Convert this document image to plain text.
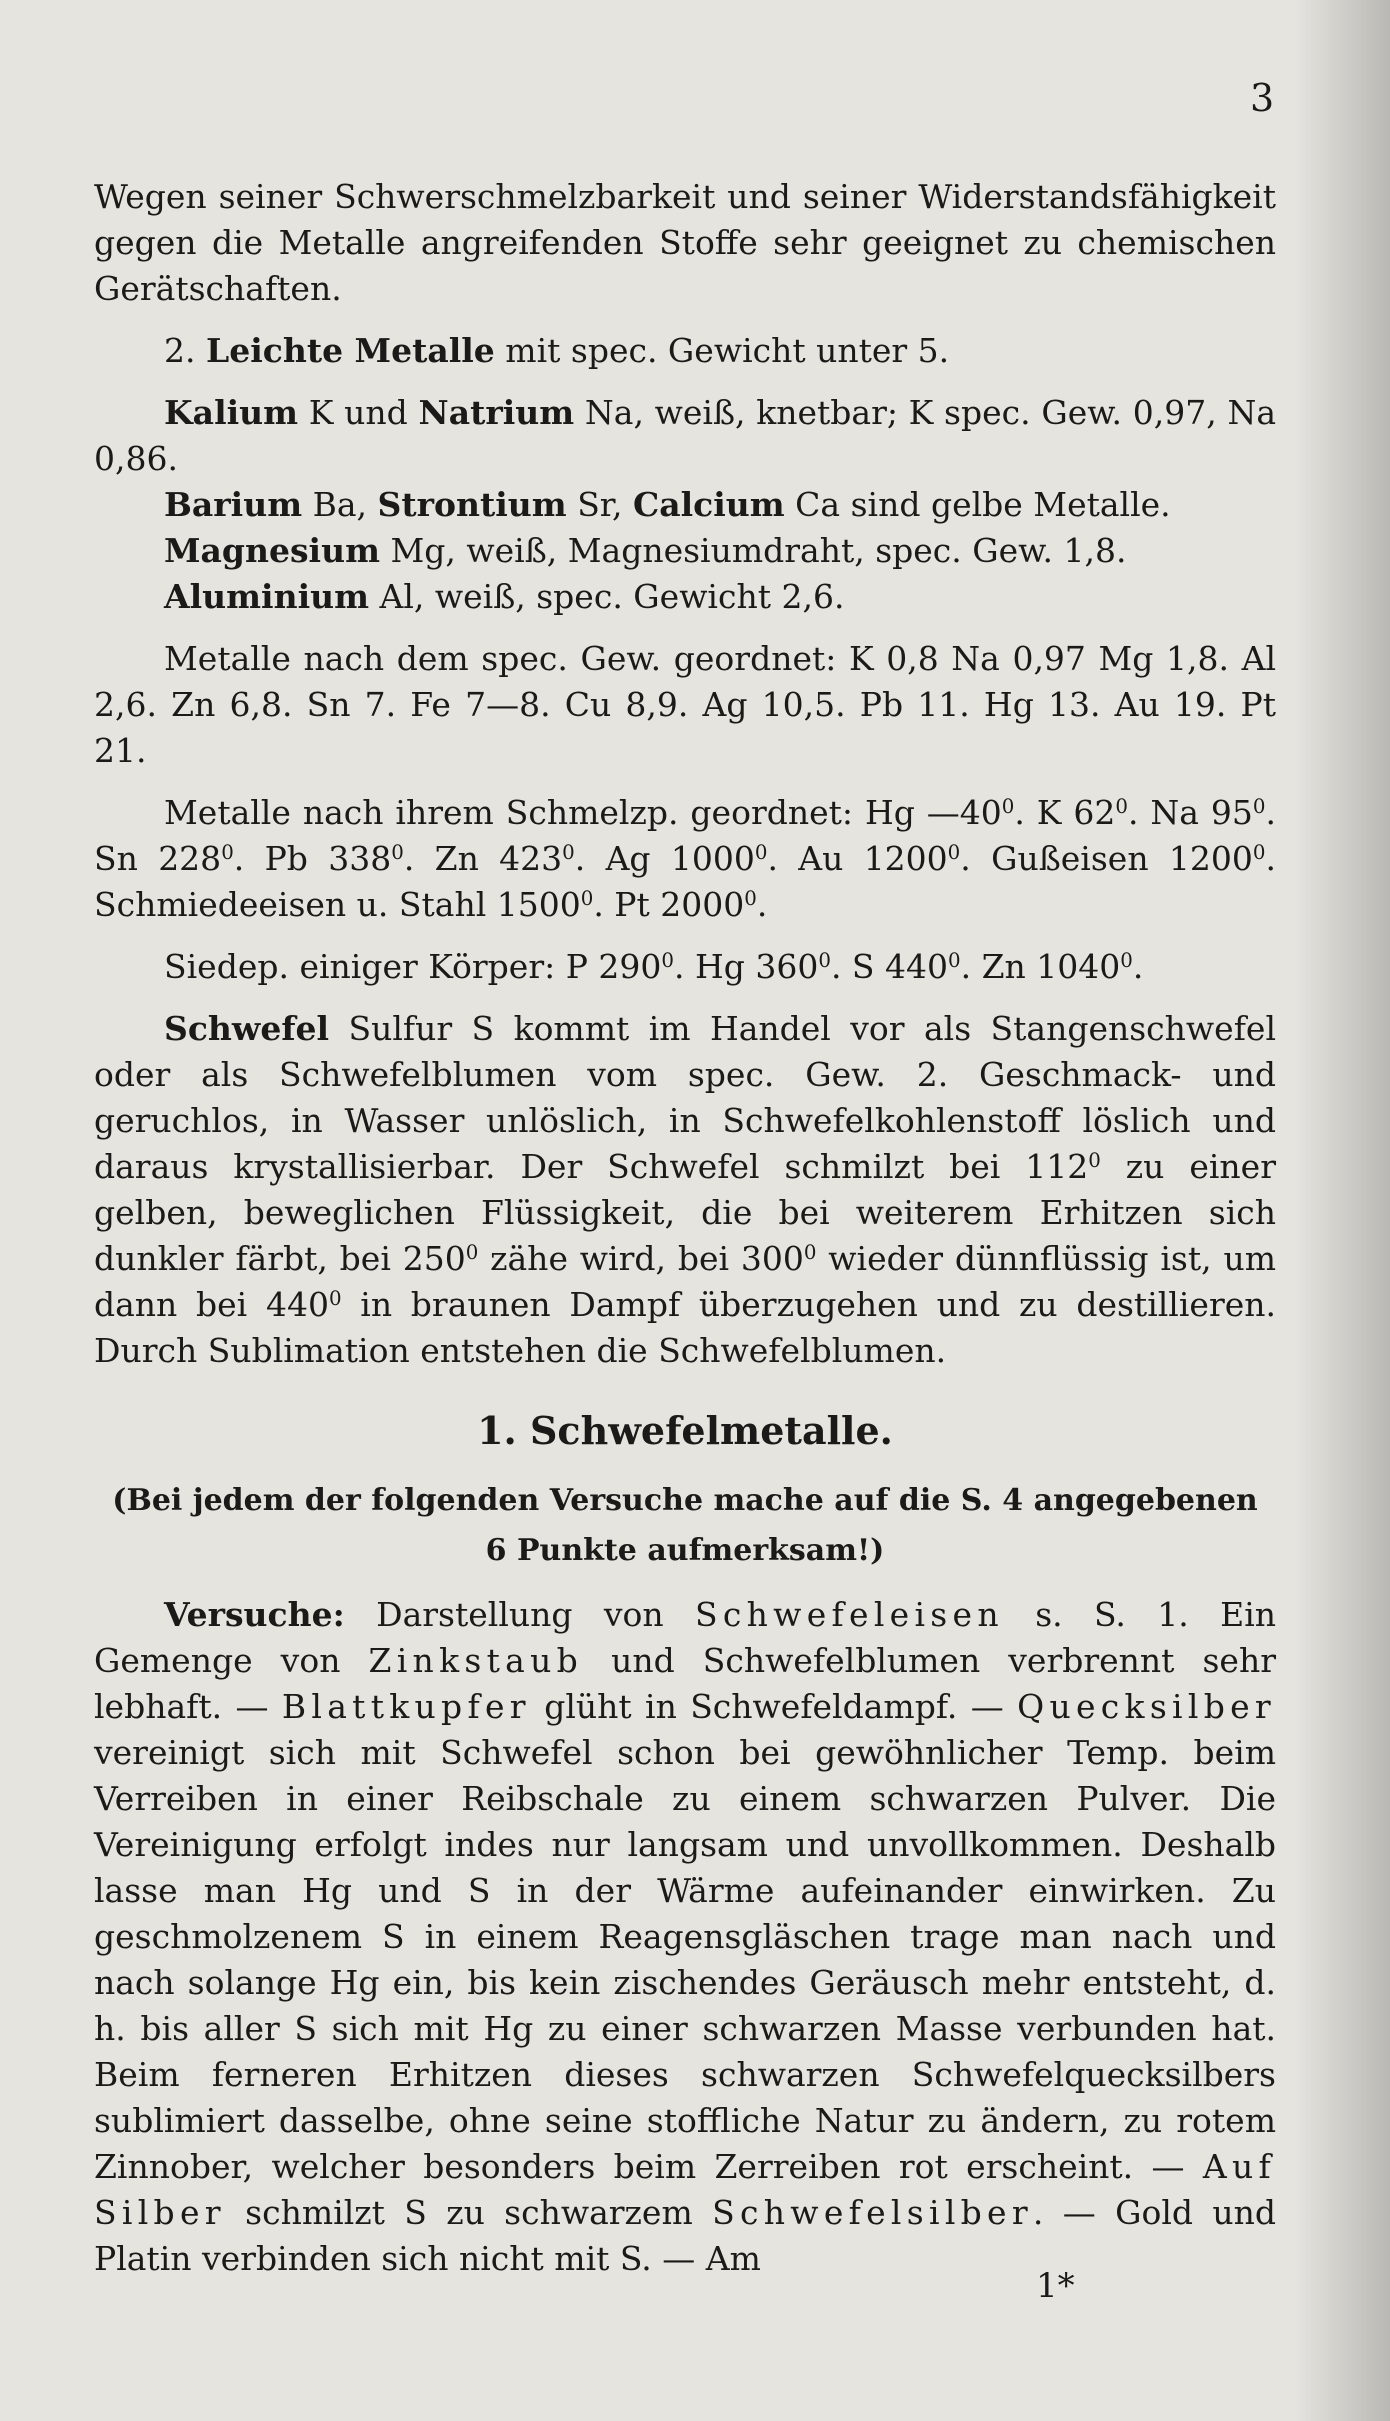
3

Wegen seiner Schwerschmelzbarkeit und seiner Widerstandsfähigkeit gegen die Metalle angreifenden Stoffe sehr geeignet zu chemischen Gerätschaften.

2. Leichte Metalle mit spec. Gewicht unter 5.

Kalium K und Natrium Na, weiß, knetbar; K spec. Gew. 0,97, Na 0,86.

Barium Ba, Strontium Sr, Calcium Ca sind gelbe Metalle.

Magnesium Mg, weiß, Magnesiumdraht, spec. Gew. 1,8.

Aluminium Al, weiß, spec. Gewicht 2,6.

Metalle nach dem spec. Gew. geordnet: K 0,8 Na 0,97 Mg 1,8. Al 2,6. Zn 6,8. Sn 7. Fe 7—8. Cu 8,9. Ag 10,5. Pb 11. Hg 13. Au 19. Pt 21.

Metalle nach ihrem Schmelzp. geordnet: Hg $—40^0$. K $62^0$. Na $95^0$. Sn $228^0$. Pb $338^0$. Zn $423^0$. Ag 1000$^0$. Au 1200$^0$. Gußeisen 1200$^0$. Schmiedeeisen u. Stahl 1500$^0$. Pt 2000$^0$.

Siedep. einiger Körper: P $290^0$. Hg $360^0$. S $440^0$. Zn 1040$^0$.

Schwefel Sulfur S kommt im Handel vor als Stangenschwefel oder als Schwefelblumen vom spec. Gew. 2. Geschmack- und geruchlos, in Wasser unlöslich, in Schwefelkohlenstoff löslich und daraus krystallisierbar. Der Schwefel schmilzt bei $112^0$ zu einer gelben, beweglichen Flüssigkeit, die bei weiterem Erhitzen sich dunkler färbt, bei $250^0$ zähe wird, bei $300^0$ wieder dünnflüssig ist, um dann bei $440^0$ in braunen Dampf überzugehen und zu destillieren. Durch Sublimation entstehen die Schwefelblumen.

1. Schwefelmetalle.

(Bei jedem der folgenden Versuche mache auf die S. 4 angegebenen

6 Punkte aufmerksam!)

Versuche: Darstellung von Schwefeleisen s. S. 1. Ein Gemenge von Zinkstaub und Schwefelblumen verbrennt sehr lebhaft. — Blattkupfer glüht in Schwefeldampf. — Quecksilber vereinigt sich mit Schwefel schon bei gewöhnlicher Temp. beim Verreiben in einer Reibschale zu einem schwarzen Pulver. Die Vereinigung erfolgt indes nur langsam und unvollkommen. Deshalb lasse man Hg und S in der Wärme aufeinander einwirken. Zu geschmolzenem S in einem Reagensgläschen trage man nach und nach solange Hg ein, bis kein zischendes Geräusch mehr entsteht, d. h. bis aller S sich mit Hg zu einer schwarzen Masse verbunden hat. Beim ferneren Erhitzen dieses schwarzen Schwefelquecksilbers sublimiert dasselbe, ohne seine stoffliche Natur zu ändern, zu rotem Zinnober, welcher besonders beim Zerreiben rot erscheint. — Auf Silber schmilzt S zu schwarzem Schwefelsilber. — Gold und Platin verbinden sich nicht mit S. — Am

1*
